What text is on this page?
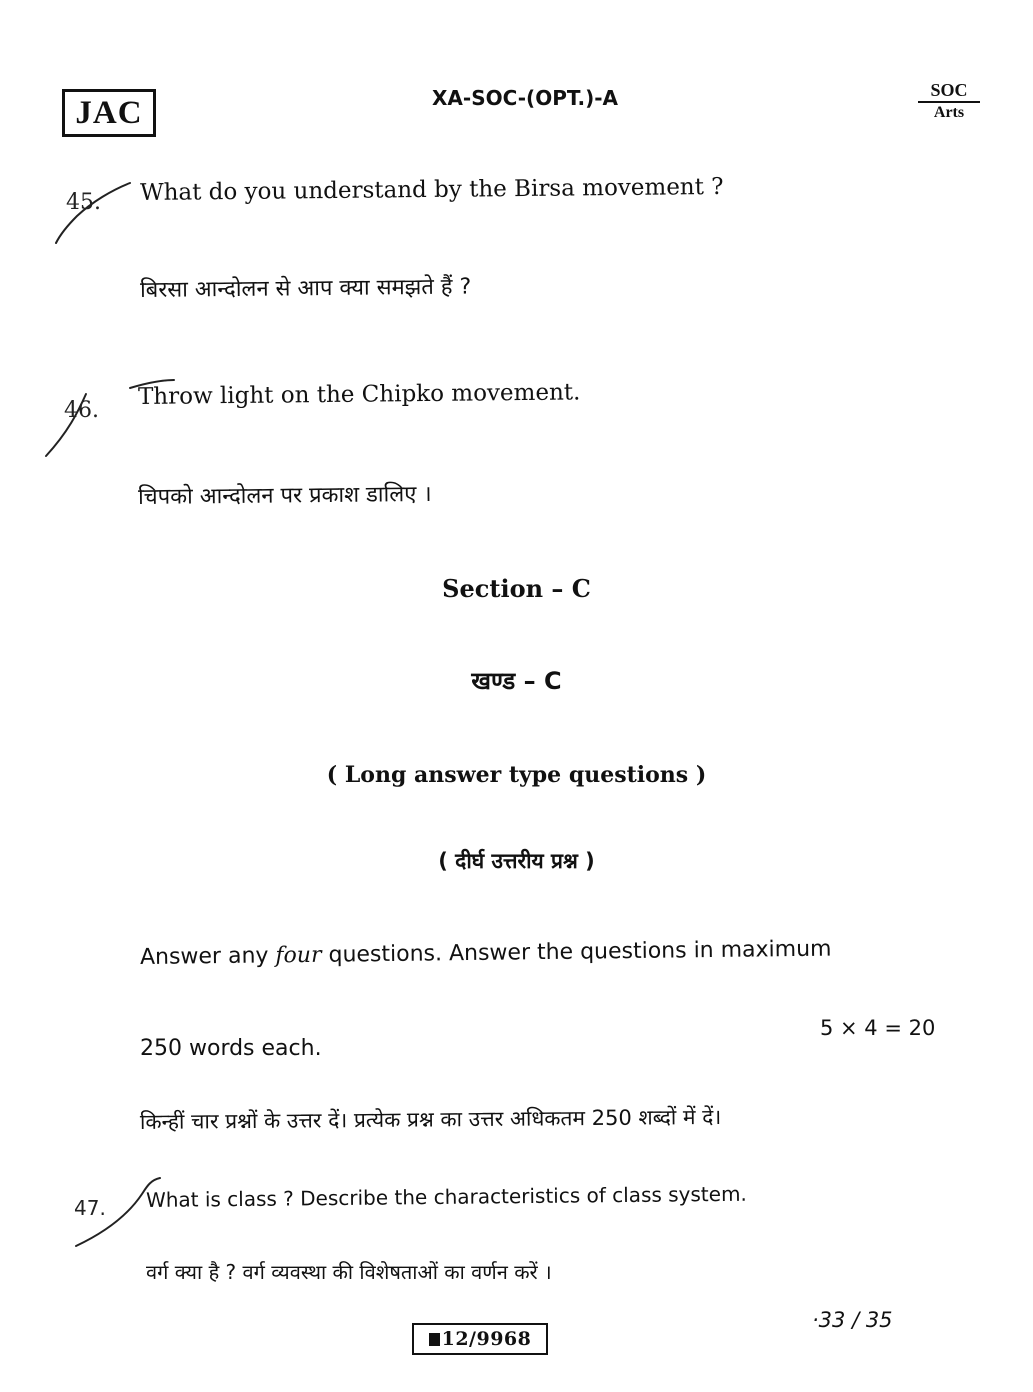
JAC	XA-SOC-(OPT.)-A	SOC
Arts
45. What do you understand by the Birsa movement ?
बिरसा आन्दोलन से आप क्या समझते हैं ?
46.
Throw light on the Chipko movement.
चिपको आन्दोलन पर प्रकाश डालिए ।
Section – C
खण्ड – C
( Long answer type questions )
( दीर्घ उत्तरीय प्रश्न )
Answer any four questions. Answer the questions in maximum
250 words each.
5 × 4 = 20
किन्हीं चार प्रश्नों के उत्तर दें। प्रत्येक प्रश्न का उत्तर अधिकतम 250 शब्दों में दें।
47. What is class ? Describe the characteristics of class system.
वर्ग क्या है ? वर्ग व्यवस्था की विशेषताओं का वर्णन करें ।
·33 / 35
12/9968
